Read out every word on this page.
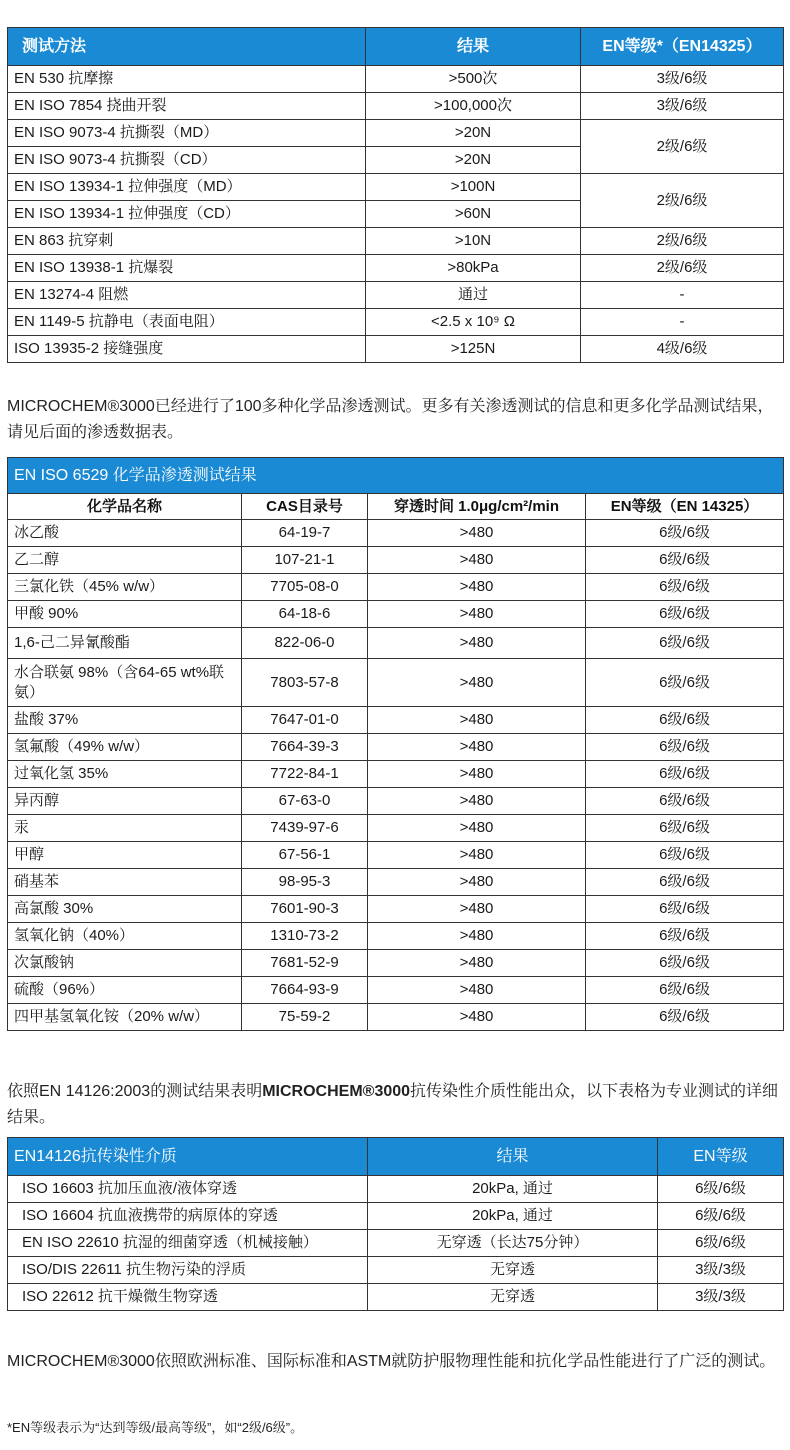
测试方法	结果	EN等级*（EN14325）
EN 530 抗摩擦	>500次	3级/6级
EN ISO 7854 挠曲开裂	>100,000次	3级/6级
EN ISO 9073-4 抗撕裂（MD）	>20N	2级/6级
EN ISO 9073-4 抗撕裂（CD）	>20N	
EN ISO 13934-1 拉伸强度（MD）	>100N	2级/6级
EN ISO 13934-1 拉伸强度（CD）	>60N	
EN 863 抗穿刺	>10N	2级/6级
EN ISO 13938-1 抗爆裂	>80kPa	2级/6级
EN 13274-4 阻燃	通过	-
EN 1149-5 抗静电（表面电阻）	<2.5 x 10⁹ Ω	-
ISO 13935-2 接缝强度	>125N	4级/6级
MICROCHEM®3000已经进行了100多种化学品渗透测试。更多有关渗透测试的信息和更多化学品测试结果，请见后面的渗透数据表。
EN ISO 6529 化学品渗透测试结果			
化学品名称	CAS目录号	穿透时间 1.0μg/cm²/min	EN等级（EN 14325）
冰乙酸	64-19-7	>480	6级/6级
乙二醇	107-21-1	>480	6级/6级
三氯化铁（45% w/w）	7705-08-0	>480	6级/6级
甲酸 90%	64-18-6	>480	6级/6级
1,6-己二异氰酸酯	822-06-0	>480	6级/6级
水合联氨 98%（含64-65 wt%联氨）	7803-57-8	>480	6级/6级
盐酸 37%	7647-01-0	>480	6级/6级
氢氟酸（49% w/w）	7664-39-3	>480	6级/6级
过氧化氢 35%	7722-84-1	>480	6级/6级
异丙醇	67-63-0	>480	6级/6级
汞	7439-97-6	>480	6级/6级
甲醇	67-56-1	>480	6级/6级
硝基苯	98-95-3	>480	6级/6级
高氯酸 30%	7601-90-3	>480	6级/6级
氢氧化钠（40%）	1310-73-2	>480	6级/6级
次氯酸钠	7681-52-9	>480	6级/6级
硫酸（96%）	7664-93-9	>480	6级/6级
四甲基氢氧化铵（20% w/w）	75-59-2	>480	6级/6级
依照EN 14126:2003的测试结果表明MICROCHEM®3000抗传染性介质性能出众，以下表格为专业测试的详细结果。
EN14126抗传染性介质	结果	EN等级
ISO 16603 抗加压血液/液体穿透	20kPa, 通过	6级/6级
ISO 16604 抗血液携带的病原体的穿透	20kPa, 通过	6级/6级
EN ISO 22610 抗湿的细菌穿透（机械接触）	无穿透（长达75分钟）	6级/6级
ISO/DIS 22611 抗生物污染的浮质	无穿透	3级/3级
ISO 22612 抗干燥微生物穿透	无穿透	3级/3级
MICROCHEM®3000依照欧洲标准、国际标准和ASTM就防护服物理性能和抗化学品性能进行了广泛的测试。
*EN等级表示为“达到等级/最高等级”，如“2级/6级”。
